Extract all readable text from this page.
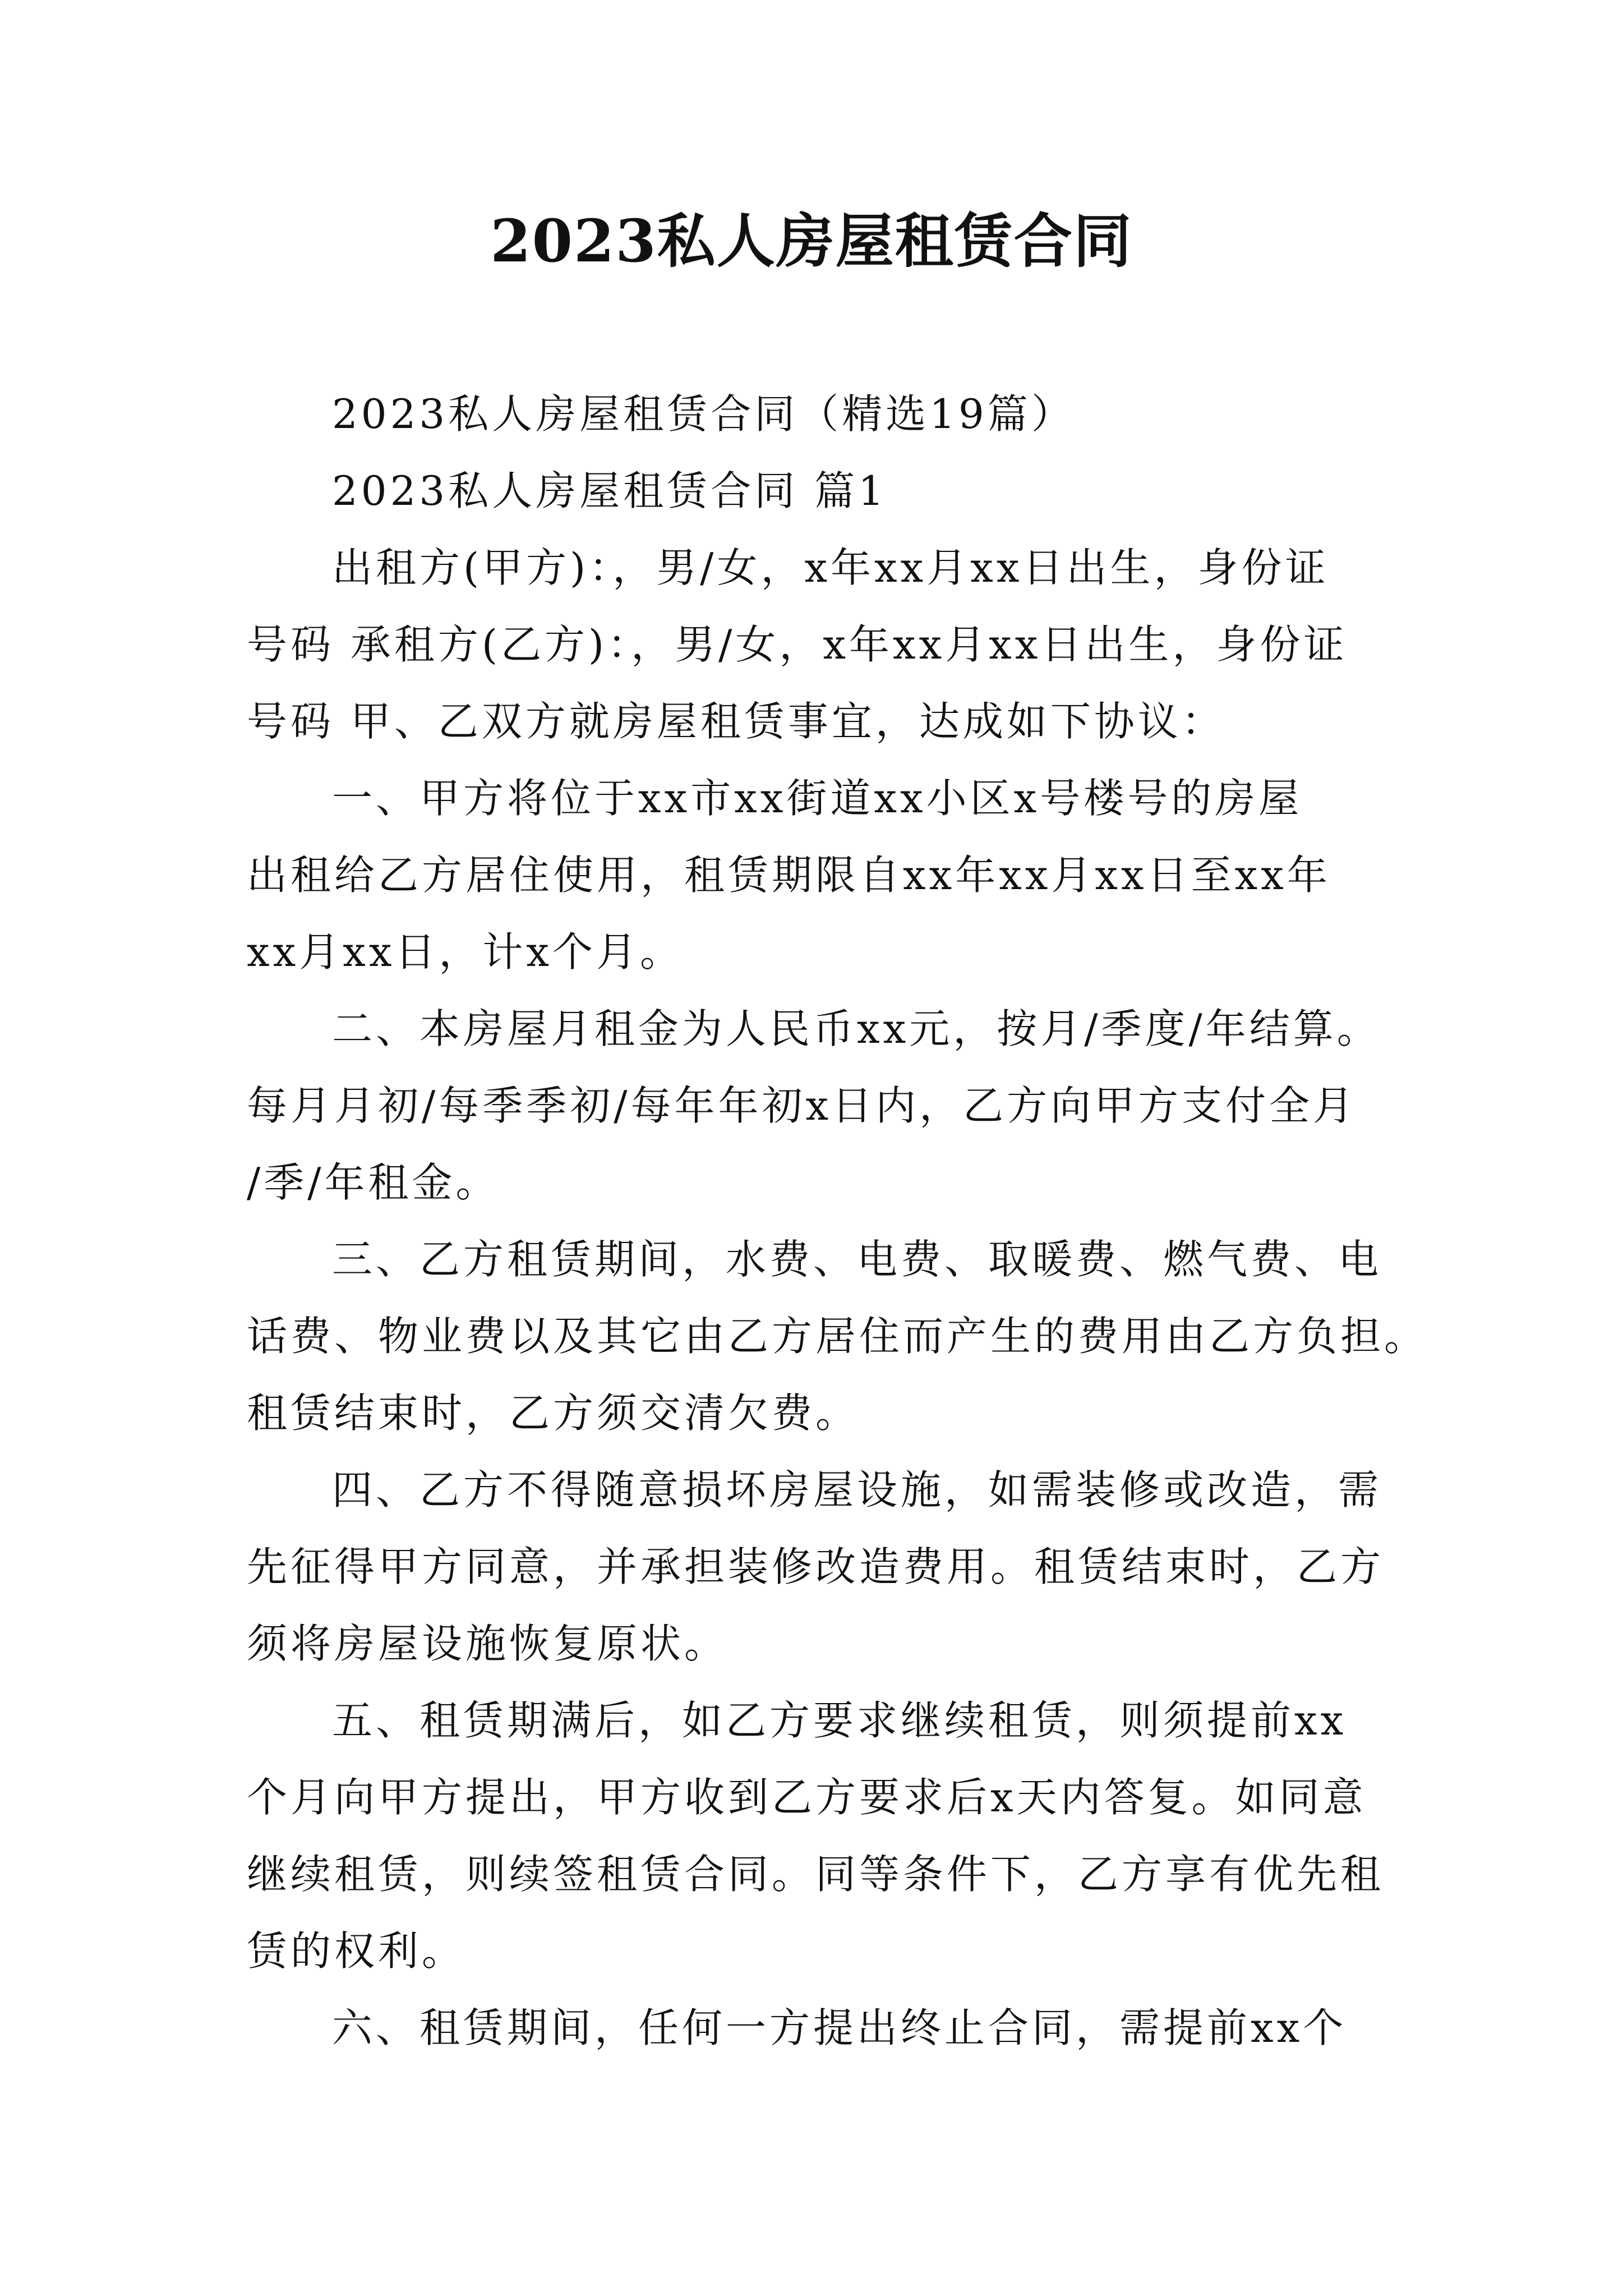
2023私人房屋租赁合同

2023私人房屋租赁合同（精选19篇）

2023私人房屋租赁合同 篇1

出租方(甲方)：，男/女，x年xx月xx日出生，身份证

号码 承租方(乙方)：，男/女，x年xx月xx日出生，身份证

号码 甲、乙双方就房屋租赁事宜，达成如下协议：

一、甲方将位于xx市xx街道xx小区x号楼号的房屋

出租给乙方居住使用，租赁期限自xx年xx月xx日至xx年

xx月xx日，计x个月。

二、本房屋月租金为人民币xx元，按月/季度/年结算。

每月月初/每季季初/每年年初x日内，乙方向甲方支付全月

/季/年租金。

三、乙方租赁期间，水费、电费、取暖费、燃气费、电

话费、物业费以及其它由乙方居住而产生的费用由乙方负担。

租赁结束时，乙方须交清欠费。

四、乙方不得随意损坏房屋设施，如需装修或改造，需

先征得甲方同意，并承担装修改造费用。租赁结束时，乙方

须将房屋设施恢复原状。

五、租赁期满后，如乙方要求继续租赁，则须提前xx

个月向甲方提出，甲方收到乙方要求后x天内答复。如同意

继续租赁，则续签租赁合同。同等条件下，乙方享有优先租

赁的权利。

六、租赁期间，任何一方提出终止合同，需提前xx个
